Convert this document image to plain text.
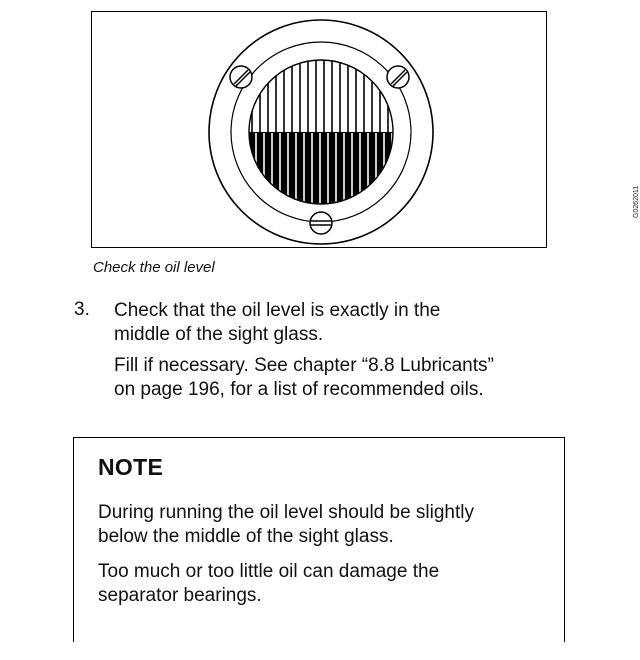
G0262011
Check the oil level
3. Check that the oil level is exactly in the
middle of the sight glass.

Fill if necessary. See chapter “8.8 Lubricants”
on page 196, for a list of recommended oils.

NOTE

During running the oil level should be slightly
below the middle of the sight glass.

Too much or too little oil can damage the
separator bearings.
